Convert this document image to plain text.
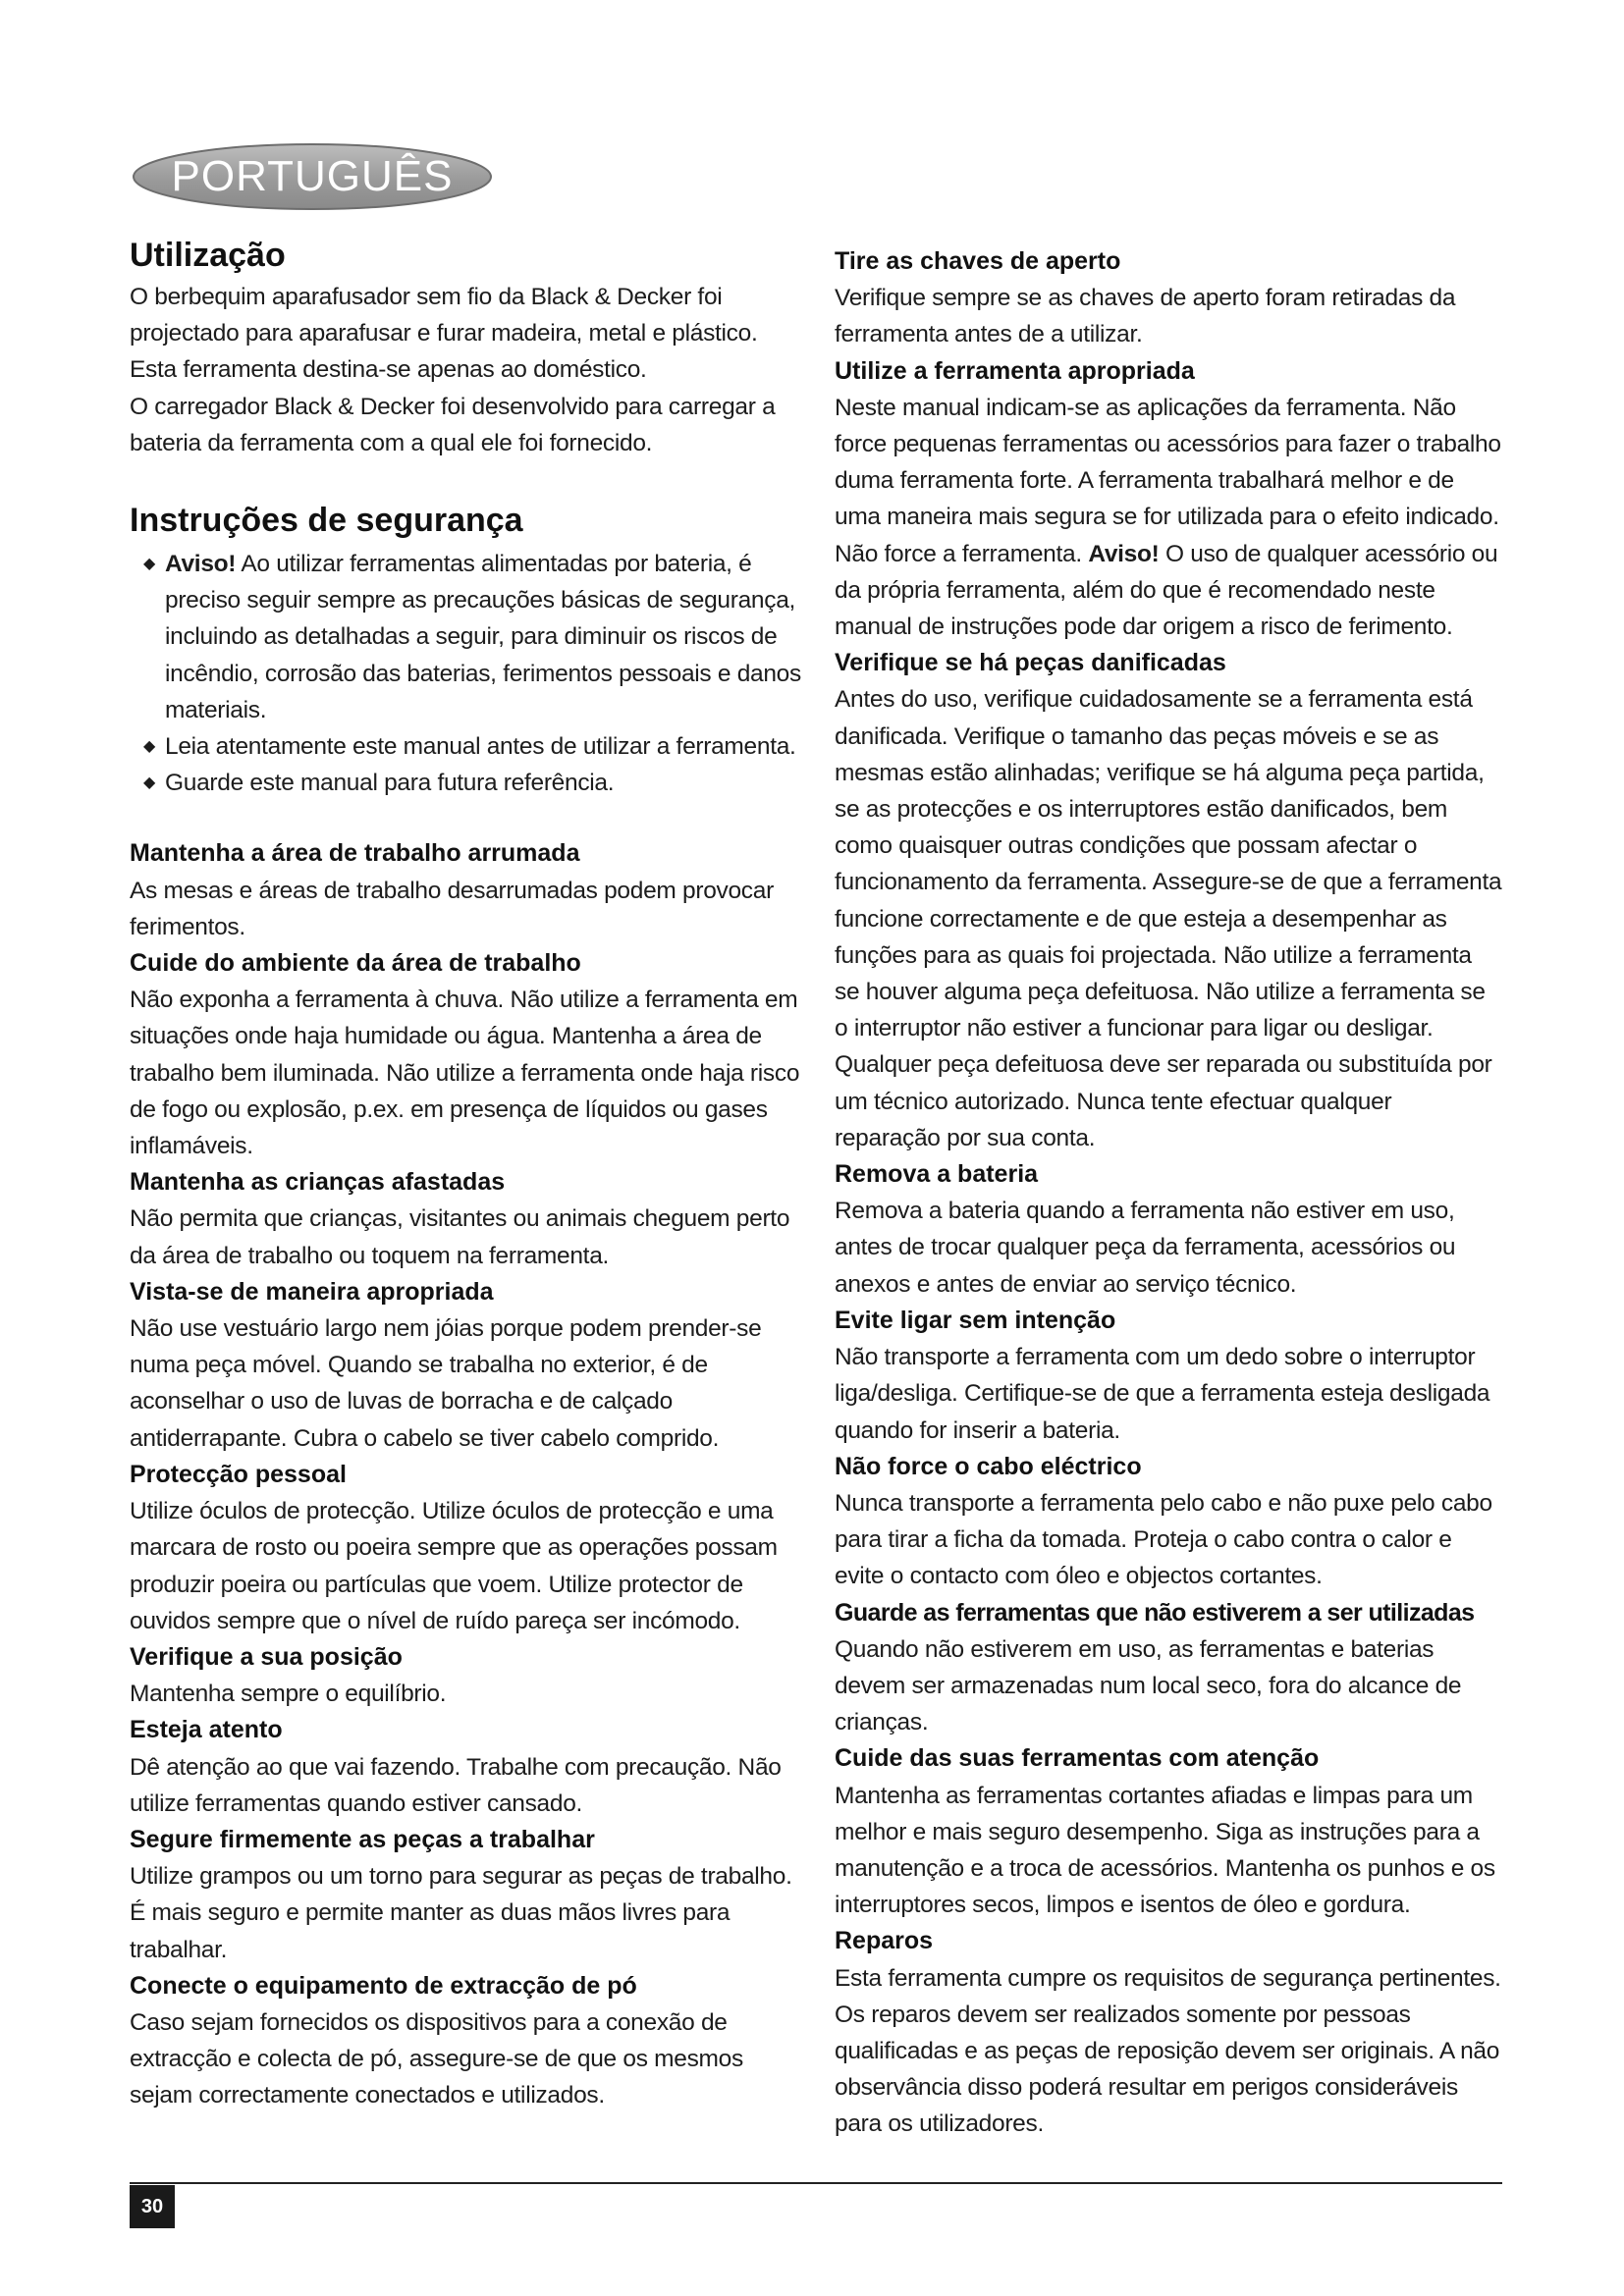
PORTUGUÊS
Utilização

O berbequim aparafusador sem fio da Black & Decker foi projectado para aparafusar e furar madeira, metal e plástico. Esta ferramenta destina-se apenas ao doméstico.

O carregador Black & Decker foi desenvolvido para carregar a bateria da ferramenta com a qual ele foi fornecido.

Instruções de segurança
◆ Aviso! Ao utilizar ferramentas alimentadas por bateria, é preciso seguir sempre as precauções básicas de segurança, incluindo as detalhadas a seguir, para diminuir os riscos de incêndio, corrosão das baterias, ferimentos pessoais e danos materiais.
◆ Leia atentamente este manual antes de utilizar a ferramenta.
◆ Guarde este manual para futura referência.
Mantenha a área de trabalho arrumada

As mesas e áreas de trabalho desarrumadas podem provocar ferimentos.

Cuide do ambiente da área de trabalho

Não exponha a ferramenta à chuva. Não utilize a ferramenta em situações onde haja humidade ou água. Mantenha a área de trabalho bem iluminada. Não utilize a ferramenta onde haja risco de fogo ou explosão, p.ex. em presença de líquidos ou gases inflamáveis.

Mantenha as crianças afastadas

Não permita que crianças, visitantes ou animais cheguem perto da área de trabalho ou toquem na ferramenta.

Vista-se de maneira apropriada

Não use vestuário largo nem jóias porque podem prender-se numa peça móvel. Quando se trabalha no exterior, é de aconselhar o uso de luvas de borracha e de calçado antiderrapante. Cubra o cabelo se tiver cabelo comprido.

Protecção pessoal

Utilize óculos de protecção. Utilize óculos de protecção e uma marcara de rosto ou poeira sempre que as operações possam produzir poeira ou partículas que voem. Utilize protector de ouvidos sempre que o nível de ruído pareça ser incómodo.

Verifique a sua posição

Mantenha sempre o equilíbrio.

Esteja atento

Dê atenção ao que vai fazendo. Trabalhe com precaução. Não utilize ferramentas quando estiver cansado.

Segure firmemente as peças a trabalhar

Utilize grampos ou um torno para segurar as peças de trabalho. É mais seguro e permite manter as duas mãos livres para trabalhar.

Conecte o equipamento de extracção de pó

Caso sejam fornecidos os dispositivos para a conexão de extracção e colecta de pó, assegure-se de que os mesmos sejam correctamente conectados e utilizados.

Tire as chaves de aperto

Verifique sempre se as chaves de aperto foram retiradas da ferramenta antes de a utilizar.

Utilize a ferramenta apropriada

Neste manual indicam-se as aplicações da ferramenta. Não force pequenas ferramentas ou acessórios para fazer o trabalho duma ferramenta forte. A ferramenta trabalhará melhor e de uma maneira mais segura se for utilizada para o efeito indicado. Não force a ferramenta. Aviso! O uso de qualquer acessório ou da própria ferramenta, além do que é recomendado neste manual de instruções pode dar origem a risco de ferimento.

Verifique se há peças danificadas

Antes do uso, verifique cuidadosamente se a ferramenta está danificada. Verifique o tamanho das peças móveis e se as mesmas estão alinhadas; verifique se há alguma peça partida, se as protecções e os interruptores estão danificados, bem como quaisquer outras condições que possam afectar o funcionamento da ferramenta. Assegure-se de que a ferramenta funcione correctamente e de que esteja a desempenhar as funções para as quais foi projectada. Não utilize a ferramenta se houver alguma peça defeituosa. Não utilize a ferramenta se o interruptor não estiver a funcionar para ligar ou desligar. Qualquer peça defeituosa deve ser reparada ou substituída por um técnico autorizado. Nunca tente efectuar qualquer reparação por sua conta.

Remova a bateria

Remova a bateria quando a ferramenta não estiver em uso, antes de trocar qualquer peça da ferramenta, acessórios ou anexos e antes de enviar ao serviço técnico.

Evite ligar sem intenção

Não transporte a ferramenta com um dedo sobre o interruptor liga/desliga. Certifique-se de que a ferramenta esteja desligada quando for inserir a bateria.

Não force o cabo eléctrico

Nunca transporte a ferramenta pelo cabo e não puxe pelo cabo para tirar a ficha da tomada. Proteja o cabo contra o calor e evite o contacto com óleo e objectos cortantes.

Guarde as ferramentas que não estiverem a ser utilizadas

Quando não estiverem em uso, as ferramentas e baterias devem ser armazenadas num local seco, fora do alcance de crianças.

Cuide das suas ferramentas com atenção

Mantenha as ferramentas cortantes afiadas e limpas para um melhor e mais seguro desempenho. Siga as instruções para a manutenção e a troca de acessórios. Mantenha os punhos e os interruptores secos, limpos e isentos de óleo e gordura.

Reparos

Esta ferramenta cumpre os requisitos de segurança pertinentes. Os reparos devem ser realizados somente por pessoas qualificadas e as peças de reposição devem ser originais. A não observância disso poderá resultar em perigos consideráveis para os utilizadores.

30
